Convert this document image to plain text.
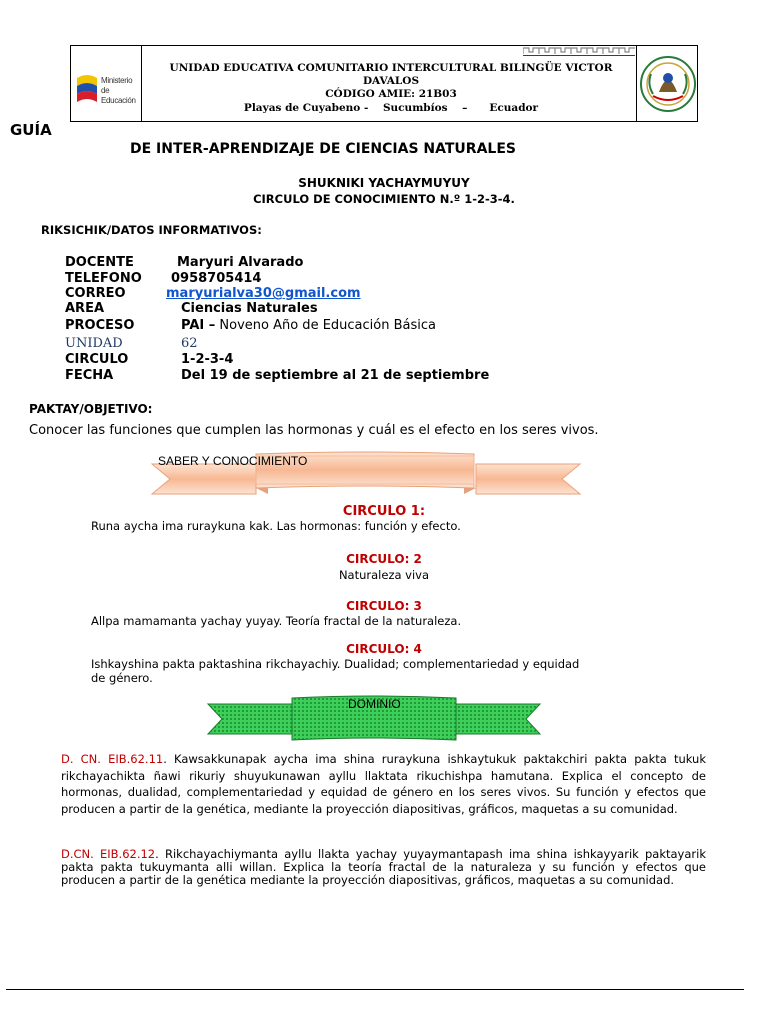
Ministerio
de Educación
UNIDAD EDUCATIVA COMUNITARIO INTERCULTURAL BILINGÜE VICTOR
DAVALOS
CÓDIGO AMIE: 21B03
Playas de Cuyabeno -    Sucumbíos    –      Ecuador
GUÍA
DE INTER-APRENDIZAJE DE CIENCIAS NATURALES
SHUKNIKI YACHAYMUYUY
CIRCULO DE CONOCIMIENTO N.º 1-2-3-4.
RIKSICHIK/DATOS INFORMATIVOS:
DOCENTE	Maryuri Alvarado
TELEFONO 0958705414
CORREO	maryurialva30@gmail.com
AREA	Ciencias Naturales
PROCESO	PAI – Noveno Año de Educación Básica
UNIDAD	62
CIRCULO	1-2-3-4
FECHA	Del 19 de septiembre al 21 de septiembre
PAKTAY/OBJETIVO:
Conocer las funciones que cumplen las hormonas y cuál es el efecto en los seres vivos.
SABER Y CONOCIMIENTO
CIRCULO 1:
Runa aycha ima ruraykuna kak. Las hormonas: función y efecto.
CIRCULO: 2
Naturaleza viva
CIRCULO: 3
Allpa mamamanta yachay yuyay. Teoría fractal de la naturaleza.
CIRCULO: 4
Ishkayshina pakta paktashina rikchayachiy. Dualidad; complementariedad y equidad
de género.
DOMINIO
D. CN. EIB.62.11. Kawsakkunapak aycha ima shina ruraykuna ishkaytukuk paktakchiri pakta pakta tukuk rikchayachikta ñawi rikuriy shuyukunawan ayllu llaktata rikuchishpa hamutana. Explica el concepto de hormonas, dualidad, complementariedad y equidad de género en los seres vivos. Su función y efectos que producen a partir de la genética, mediante la proyección diapositivas, gráficos, maquetas a su comunidad.
D.CN. EIB.62.12. Rikchayachiymanta ayllu llakta yachay yuyaymantapash ima shina ishkayyarik paktayarik pakta pakta tukuymanta alli willan. Explica la teoría fractal de la naturaleza y su función y efectos que producen a partir de la genética mediante la proyección diapositivas, gráficos, maquetas a su comunidad.
